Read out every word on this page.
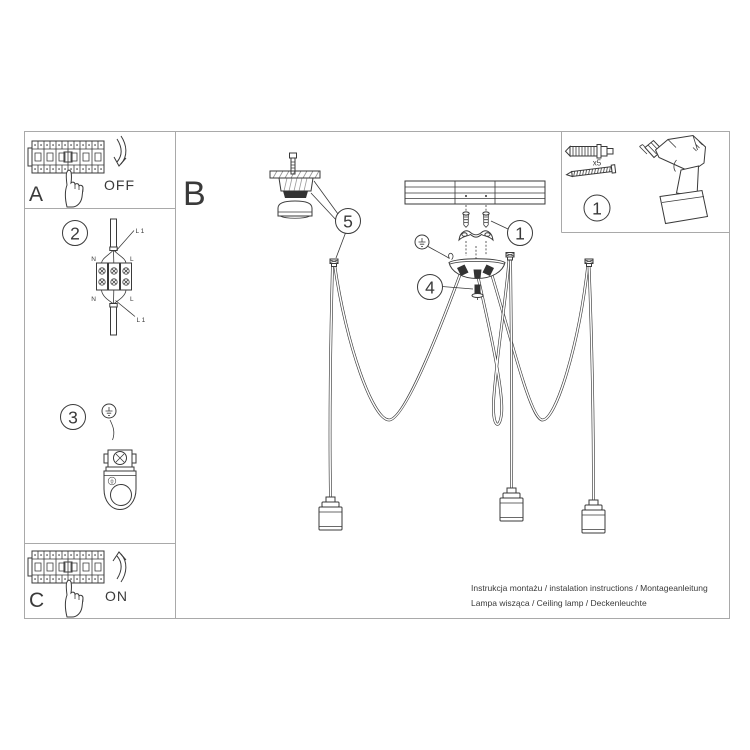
A	OFF B
2	L 1
N	L
N	L
L 1
3
C	ON
5
1
4
x5
1
Instrukcja montażu / instalation instructions / Montageanleitung
Lampa wisząca / Ceiling lamp / Deckenleuchte
